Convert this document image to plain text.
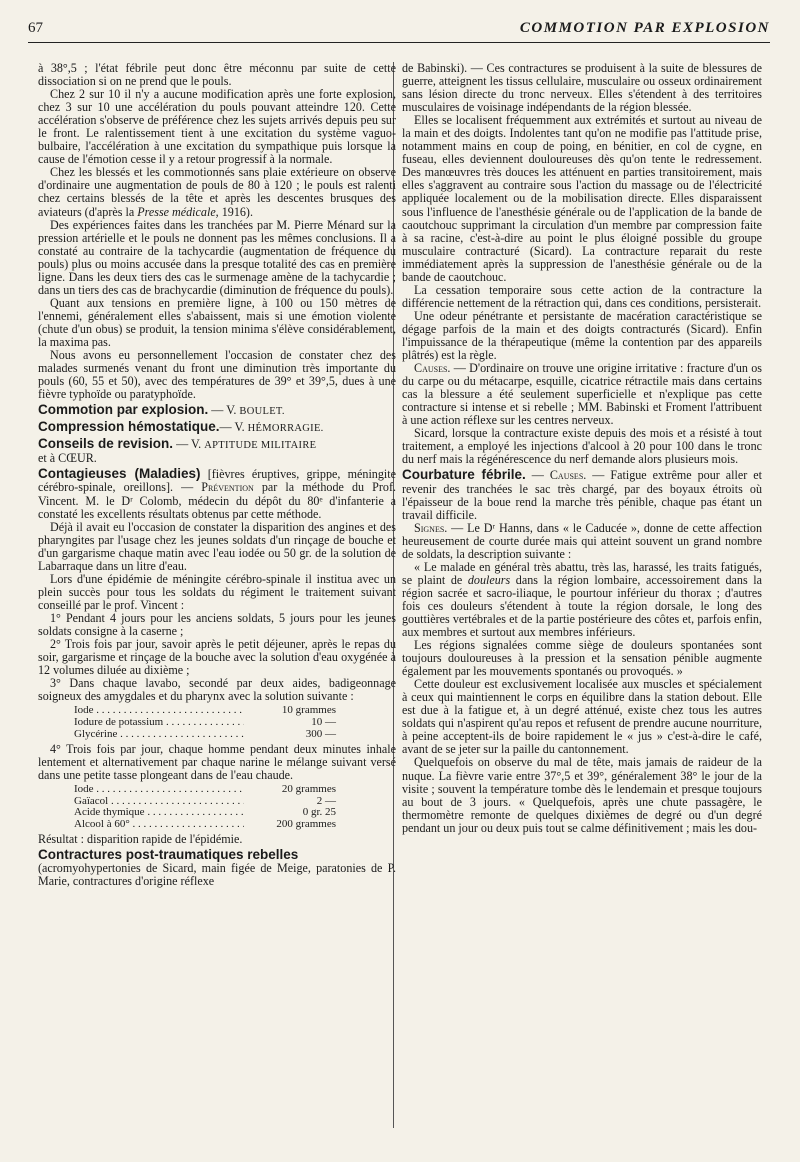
67	COMMOTION PAR EXPLOSION

à 38°,5 ; l'état fébrile peut donc être méconnu par suite de cette dissociation si on ne prend que le pouls.

Chez 2 sur 10 il n'y a aucune modification après une forte explosion, chez 3 sur 10 une accélération du pouls pouvant atteindre 120. Cette accélération s'observe de préférence chez les sujets arrivés depuis peu sur le front. Le ralentissement tient à une excitation du système vaguo-bulbaire, l'accélération à une excitation du sympathique puis lorsque la cause de l'émotion cesse il y a retour progressif à la normale.

Chez les blessés et les commotionnés sans plaie extérieure on observe d'ordinaire une augmentation de pouls de 80 à 120 ; le pouls est ralenti chez certains blessés de la tête et après les descentes brusques des aviateurs (d'après la Presse médicale, 1916).

Des expériences faites dans les tranchées par M. Pierre Ménard sur la pression artérielle et le pouls ne donnent pas les mêmes conclusions. Il a constaté au contraire de la tachycardie (augmentation de fréquence du pouls) plus ou moins accusée dans la presque totalité des cas en première ligne. Dans les deux tiers des cas le surmenage amène de la tachycardie ; dans un tiers des cas de brachycardie (diminution de fréquence du pouls).

Quant aux tensions en première ligne, à 100 ou 150 mètres de l'ennemi, généralement elles s'abaissent, mais si une émotion violente (chute d'un obus) se produit, la tension minima s'élève considérablement, la maxima pas.

Nous avons eu personnellement l'occasion de constater chez des malades surmenés venant du front une diminution très importante du pouls (60, 55 et 50), avec des températures de 39° et 39°,5, dues à une fièvre typhoïde ou paratyphoïde.

Commotion par explosion. — V. BOULET.

Compression hémostatique.— V. HÉMORRAGIE.

Conseils de revision. — V. APTITUDE MILITAIRE
et à CŒUR.

Contagieuses (Maladies) [fièvres éruptives, grippe, méningite cérébro-spinale, oreillons]. — Prévention par la méthode du Prof. Vincent. M. le Dʳ Colomb, médecin du dépôt du 80ᵉ d'infanterie a constaté les excellents résultats obtenus par cette méthode.

Déjà il avait eu l'occasion de constater la disparition des angines et des pharyngites par l'usage chez les jeunes soldats d'un rinçage de bouche et d'un gargarisme chaque matin avec l'eau iodée ou 50 gr. de la solution de Labarraque dans un litre d'eau.

Lors d'une épidémie de méningite cérébro-spinale il institua avec un plein succès pour tous les soldats du régiment le traitement suivant conseillé par le prof. Vincent :

1° Pendant 4 jours pour les anciens soldats, 5 jours pour les jeunes soldats consigne à la caserne ;

2° Trois fois par jour, savoir après le petit déjeuner, après le repas du soir, gargarisme et rinçage de la bouche avec la solution d'eau oxygénée à 12 volumes diluée au dixième ;

3° Dans chaque lavabo, secondé par deux aides, badigeonnage soigneux des amygdales et du pharynx avec la solution suivante :

Iode . . .	10 grammes
Iodure de potassium . . .	10 —
Glycérine . . .	300 —

4° Trois fois par jour, chaque homme pendant deux minutes inhale lentement et alternativement par chaque narine le mélange suivant versé dans une petite tasse plongeant dans de l'eau chaude.

Iode . . .	20 grammes
Gaïacol . . .	2 —
Acide thymique . . .	0 gr. 25
Alcool à 60° . . .	200 grammes

Résultat : disparition rapide de l'épidémie.

Contractures post-traumatiques rebelles
(acromyohypertonies de Sicard, main figée de Meige, paratonies de P. Marie, contractures d'origine réflexe

de Babinski). — Ces contractures se produisent à la suite de blessures de guerre, atteignent les tissus cellulaire, musculaire ou osseux ordinairement sans lésion directe du tronc nerveux. Elles s'étendent à des territoires musculaires de voisinage indépendants de la région blessée.

Elles se localisent fréquemment aux extrémités et surtout au niveau de la main et des doigts. Indolentes tant qu'on ne modifie pas l'attitude prise, notamment mains en coup de poing, en bénitier, en col de cygne, en fuseau, elles deviennent douloureuses dès qu'on tente le redressement. Des manœuvres très douces les atténuent en parties transitoirement, mais elles s'aggravent au contraire sous l'action du massage ou de l'électricité appliquée localement ou de la mobilisation directe. Elles disparaissent sous l'influence de l'anesthésie générale ou de l'application de la bande de caoutchouc supprimant la circulation d'un membre par compression faite à sa racine, c'est-à-dire au point le plus éloigné possible du groupe musculaire contracturé (Sicard). La contracture reparait du reste immédiatement après la suppression de l'anesthésie générale ou de la bande de caoutchouc.

La cessation temporaire sous cette action de la contracture la différencie nettement de la rétraction qui, dans ces conditions, persisterait.

Une odeur pénétrante et persistante de macération caractéristique se dégage parfois de la main et des doigts contracturés (Sicard). Enfin l'impuissance de la thérapeutique (même la contention par des appareils plâtrés) est la règle.

Causes. — D'ordinaire on trouve une origine irritative : fracture d'un os du carpe ou du métacarpe, esquille, cicatrice rétractile mais dans certains cas la blessure a été seulement superficielle et n'explique pas cette contracture si intense et si rebelle ; MM. Babinski et Froment l'attribuent à une action réflexe sur les centres nerveux.

Sicard, lorsque la contracture existe depuis des mois et a résisté à tout traitement, a employé les injections d'alcool à 20 pour 100 dans le tronc du nerf mais la régénérescence du nerf demande alors plusieurs mois.

Courbature fébrile. — Causes. — Fatigue extrême pour aller et revenir des tranchées le sac très chargé, par des boyaux étroits où l'épaisseur de la boue rend la marche très pénible, chaque pas étant un travail difficile.

Signes. — Le Dʳ Hanns, dans « le Caducée », donne de cette affection heureusement de courte durée mais qui atteint souvent un grand nombre de soldats, la description suivante :

« Le malade en général très abattu, très las, harassé, les traits fatigués, se plaint de douleurs dans la région lombaire, accessoirement dans la région sacrée et sacro-iliaque, le pourtour inférieur du thorax ; d'autres fois ces douleurs s'étendent à toute la région dorsale, le long des gouttières vertébrales et de la partie postérieure des côtes et, parfois enfin, aux membres et surtout aux membres inférieurs.

Les régions signalées comme siège de douleurs spontanées sont toujours douloureuses à la pression et la sensation pénible augmente également par les mouvements spontanés ou provoqués. »

Cette douleur est exclusivement localisée aux muscles et spécialement à ceux qui maintiennent le corps en équilibre dans la station debout. Elle est due à la fatigue et, à un degré atténué, existe chez tous les autres soldats qui n'aspirent qu'au repos et refusent de prendre aucune nourriture, à peine acceptent-ils de boire rapidement le « jus » c'est-à-dire le café, avant de se jeter sur la paille du cantonnement.

Quelquefois on observe du mal de tête, mais jamais de raideur de la nuque. La fièvre varie entre 37°,5 et 39°, généralement 38° le jour de la visite ; souvent la température tombe dès le lendemain et presque toujours au bout de 3 jours. « Quelquefois, après une chute passagère, le thermomètre remonte de quelques dixièmes de degré ou d'un degré pendant un jour ou deux puis tout se calme définitivement ; mais les dou-
